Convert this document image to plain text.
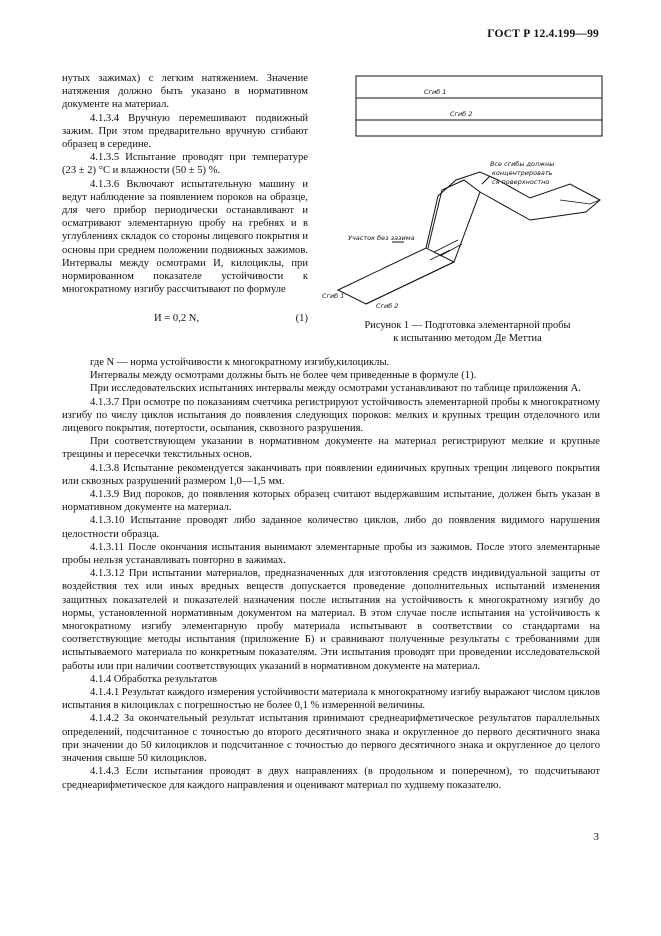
ГОСТ Р 12.4.199—99

нутых зажимах) с легким натяжением. Значение натяжения должно быть указано в нормативном документе на материал.

4.1.3.4 Вручную перемешивают подвижный зажим. При этом предварительно вручную сгибают образец в середине.

4.1.3.5 Испытание проводят при температуре (23 ± 2) °С и влажности (50 ± 5) %.

4.1.3.6 Включают испытательную машину и ведут наблюдение за появлением пороков на образце, для чего прибор периодически останавливают и осматривают элементарную пробу на гребнях и в углублениях складок со стороны лицевого покрытия и основы при среднем положении подвижных зажимов. Интервалы между осмотрами И, килоциклы, при нормированном показателе устойчивости к многократному изгибу рассчитывают по формуле

И = 0,2 N,	(1)
Сгиб 1
Сгиб 2
Все сгибы должны
концентрировать
ся поверхностно
Участок без зазима
Сгиб 1
Сгиб 2
Рисунок 1 — Подготовка элементарной пробы
к испытанию методом Де Меттиа

где N — норма устойчивости к многократному изгибу,килоциклы.

Интервалы между осмотрами должны быть не более чем приведенные в формуле (1).

При исследовательских испытаниях интервалы между осмотрами устанавливают по таблице приложения А.

4.1.3.7 При осмотре по показаниям счетчика регистрируют устойчивость элементарной пробы к многократному изгибу по числу циклов испытания до появления следующих пороков: мелких и крупных трещин отделочного или лицевого покрытия, потертости, осыпания, сквозного разрушения.

При соответствующем указании в нормативном документе на материал регистрируют мелкие и крупные трещины и пересечки текстильных основ.

4.1.3.8 Испытание рекомендуется заканчивать при появлении единичных крупных трещин лицевого покрытия или сквозных разрушений размером 1,0—1,5 мм.

4.1.3.9 Вид пороков, до появления которых образец считают выдержавшим испытание, должен быть указан в нормативном документе на материал.

4.1.3.10 Испытание проводят либо заданное количество циклов, либо до появления видимого нарушения целостности образца.

4.1.3.11 После окончания испытания вынимают элементарные пробы из зажимов. После этого элементарные пробы нельзя устанавливать повторно в зажимах.

4.1.3.12 При испытании материалов, предназначенных для изготовления средств индивидуальной защиты от воздействия тех или иных вредных веществ допускается проведение дополнительных испытаний изменения защитных показателей и показателей назначения после испытания на устойчивость к многократному изгибу до нормы, установленной нормативным документом на материал. В этом случае после испытания на устойчивость к многократному изгибу элементарную пробу материала испытывают в соответствии со стандартами на соответствующие методы испытания (приложение Б) и сравнивают полученные результаты с требованиями для испытываемого материала по конкретным показателям. Эти испытания проводят при проведении исследовательской работы или при наличии соответствующих указаний в нормативном документе на материал.

4.1.4 Обработка результатов

4.1.4.1 Результат каждого измерения устойчивости материала к многократному изгибу выражают числом циклов испытания в килоциклах с погрешностью не более 0,1 % измеренной величины.

4.1.4.2 За окончательный результат испытания принимают среднеарифметическое результатов параллельных определений, подсчитанное с точностью до второго десятичного знака и округленное до первого десятичного знака при значении до 50 килоциклов и подсчитанное с точностью до первого десятичного знака и округленное до целого значения свыше 50 килоциклов.

4.1.4.3 Если испытания проводят в двух направлениях (в продольном и поперечном), то подсчитывают среднеарифметическое для каждого направления и оценивают материал по худшему показателю.

3
